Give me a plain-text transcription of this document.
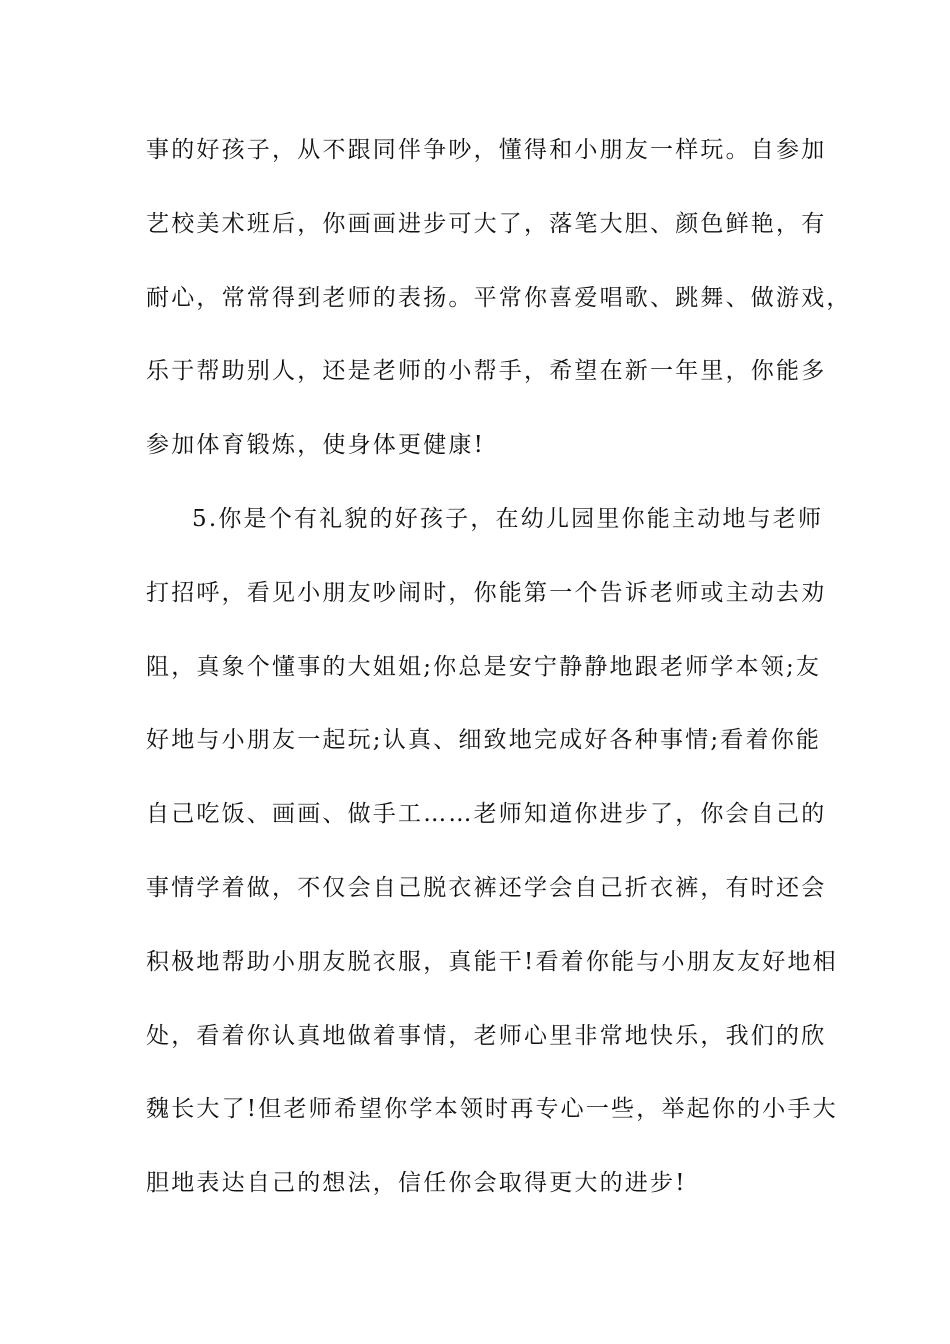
事的好孩子，从不跟同伴争吵，懂得和小朋友一样玩。自参加
艺校美术班后，你画画进步可大了，落笔大胆、颜色鲜艳，有
耐心，常常得到老师的表扬。平常你喜爱唱歌、跳舞、做游戏，
乐于帮助别人，还是老师的小帮手，希望在新一年里，你能多
参加体育锻炼，使身体更健康!
5.你是个有礼貌的好孩子，在幼儿园里你能主动地与老师
打招呼，看见小朋友吵闹时，你能第一个告诉老师或主动去劝
阻，真象个懂事的大姐姐;你总是安宁静静地跟老师学本领;友
好地与小朋友一起玩;认真、细致地完成好各种事情;看着你能
自己吃饭、画画、做手工……老师知道你进步了，你会自己的
事情学着做，不仅会自己脱衣裤还学会自己折衣裤，有时还会
积极地帮助小朋友脱衣服，真能干!看着你能与小朋友友好地相
处，看着你认真地做着事情，老师心里非常地快乐，我们的欣
魏长大了!但老师希望你学本领时再专心一些，举起你的小手大
胆地表达自己的想法，信任你会取得更大的进步!
